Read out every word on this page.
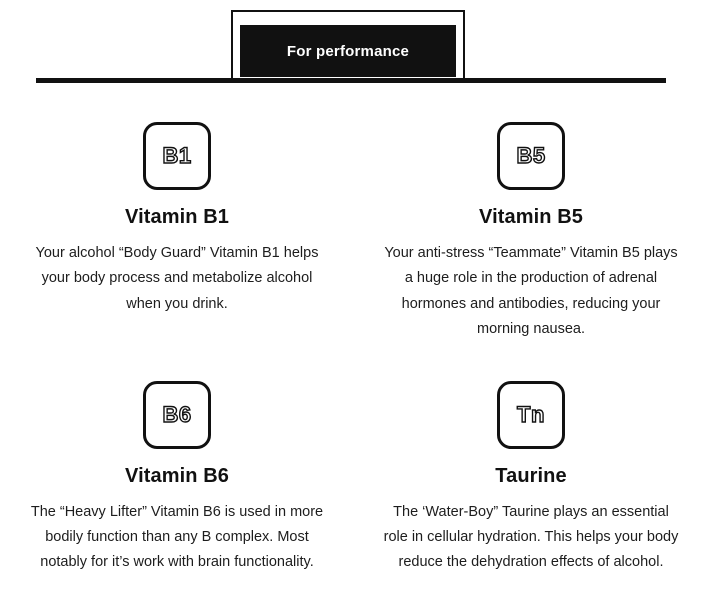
For performance
B1
Vitamin B1
Your alcohol “Body Guard” Vitamin B1 helps your body process and metabolize alcohol when you drink.
B5
Vitamin B5
Your anti-stress “Teammate” Vitamin B5 plays a huge role in the production of adrenal hormones and antibodies, reducing your morning nausea.
B6
Vitamin B6
The “Heavy Lifter” Vitamin B6 is used in more bodily function than any B complex. Most notably for it’s work with brain functionality.
Tn
Taurine
The ‘Water-Boy” Taurine plays an essential role in cellular hydration. This helps your body reduce the dehydration effects of alcohol.
